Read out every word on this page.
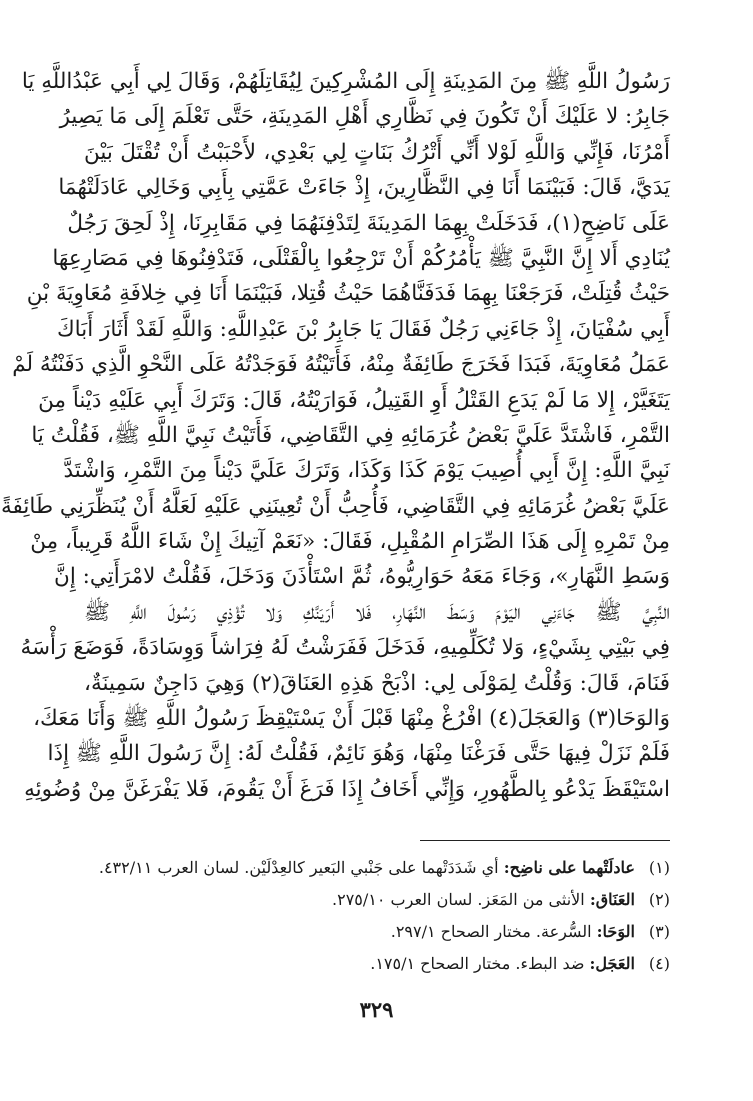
رَسُولُ اللَّهِ ﷺ مِنَ المَدِينَةِ إِلَى المُشْرِكِينَ لِيُقَاتِلَهُمْ، وَقَالَ لِي أَبِي عَبْدُاللَّهِ يَا
جَابِرُ: لا عَلَيْكَ أَنْ تَكُونَ فِي نَظَّارِي أَهْلِ المَدِينَةِ، حَتَّى تَعْلَمَ إِلَى مَا يَصِيرُ
أَمْرُنَا، فَإِنِّي وَاللَّهِ لَوْلا أَنِّي أَتْرُكُ بَنَاتٍ لِي بَعْدِي، لأَحْبَبْتُ أَنْ تُقْتَلَ بَيْنَ
يَدَيَّ، قَالَ: فَبَيْنَمَا أَنَا فِي النَّظَّارِينَ، إِذْ جَاءَتْ عَمَّتِي بِأَبِي وَخَالِي عَادَلَتْهُمَا
عَلَى نَاضِحٍ(١)، فَدَخَلَتْ بِهِمَا المَدِينَةَ لِتَدْفِنَهُمَا فِي مَقَابِرِنَا، إِذْ لَحِقَ رَجُلٌ
يُنَادِي أَلا إِنَّ النَّبِيَّ ﷺ يَأْمُرُكُمْ أَنْ تَرْجِعُوا بِالْقَتْلَى، فَتَدْفِنُوهَا فِي مَصَارِعِهَا
حَيْثُ قُتِلَتْ، فَرَجَعْنَا بِهِمَا فَدَفَنَّاهُمَا حَيْثُ قُتِلا، فَبَيْنَمَا أَنَا فِي خِلافَةِ مُعَاوِيَةَ بْنِ
أَبِي سُفْيَانَ، إِذْ جَاءَنِي رَجُلٌ فَقَالَ يَا جَابِرُ بْنَ عَبْدِاللَّهِ: وَاللَّهِ لَقَدْ أَثَارَ أَبَاكَ
عَمَلُ مُعَاوِيَةَ، فَبَدَا فَخَرَجَ طَائِفَةٌ مِنْهُ، فَأَتَيْتُهُ فَوَجَدْتُهُ عَلَى النَّحْوِ الَّذِي دَفَنْتُهُ لَمْ
يَتَغَيَّرْ، إِلا مَا لَمْ يَدَعِ القَتْلُ أَوِ القَتِيلُ، فَوَارَيْتُهُ، قَالَ: وَتَرَكَ أَبِي عَلَيْهِ دَيْناً مِنَ
التَّمْرِ، فَاشْتَدَّ عَلَيَّ بَعْضُ غُرَمَائِهِ فِي التَّقَاضِي، فَأَتَيْتُ نَبِيَّ اللَّهِ ﷺ، فَقُلْتُ يَا
نَبِيَّ اللَّهِ: إِنَّ أَبِي أُصِيبَ يَوْمَ كَذَا وَكَذَا، وَتَرَكَ عَلَيَّ دَيْناً مِنَ التَّمْرِ، وَاشْتَدَّ
عَلَيَّ بَعْضُ غُرَمَائِهِ فِي التَّقَاضِي، فَأُحِبُّ أَنْ تُعِينَنِي عَلَيْهِ لَعَلَّهُ أَنْ يُنَظِّرَنِي طَائِفَةً
مِنْ تَمْرِهِ إِلَى هَذَا الصِّرَامِ المُقْبِلِ، فَقَالَ: «نَعَمْ آتِيكَ إِنْ شَاءَ اللَّهُ قَرِيباً، مِنْ
وَسَطِ النَّهَارِ»، وَجَاءَ مَعَهُ حَوَارِيُّوهُ، ثُمَّ اسْتَأْذَنَ وَدَخَلَ، فَقُلْتُ لامْرَأَتِي: إِنَّ
النَّبِيَّ ﷺ جَاءَنِي اليَوْمَ وَسَطَ النَّهَارِ، فَلا أَرَيَنَّكِ وَلا تُؤْذِي رَسُولَ اللَّهِ ﷺ
فِي بَيْتِي بِشَيْءٍ، وَلا تُكَلِّمِيهِ، فَدَخَلَ فَفَرَشْتُ لَهُ فِرَاشاً وَوِسَادَةً، فَوَضَعَ رَأْسَهُ
فَنَامَ، قَالَ: وَقُلْتُ لِمَوْلَى لِي: اذْبَحْ هَذِهِ العَنَاقَ(٢) وَهِيَ دَاجِنٌ سَمِينَةٌ،
وَالوَحَا(٣) وَالعَجَلَ(٤) افْرُغْ مِنْهَا قَبْلَ أَنْ يَسْتَيْقِظَ رَسُولُ اللَّهِ ﷺ وَأَنَا مَعَكَ،
فَلَمْ نَزَلْ فِيهَا حَتَّى فَرَغْنَا مِنْهَا، وَهُوَ نَائِمٌ، فَقُلْتُ لَهُ: إِنَّ رَسُولَ اللَّهِ ﷺ إِذَا
اسْتَيْقَظَ يَدْعُو بِالطَّهُورِ، وَإِنِّي أَخَافُ إِذَا فَرَغَ أَنْ يَقُومَ، فَلا يَفْرَغَنَّ مِنْ وُضُوئِهِ
(١) عادلَتْهما على ناضِح: أي شَدَدَتْهما على جَنْبي البَعير كالعِدْلَيْن. لسان العرب ٤٣٢/١١.
(٢) العَنَاق: الأنثى من المَعَز. لسان العرب ٢٧٥/١٠.
(٣) الوَحَا: السُّرعة. مختار الصحاح ٢٩٧/١.
(٤) العَجَل: ضد البطء. مختار الصحاح ١٧٥/١.
٣٢٩
